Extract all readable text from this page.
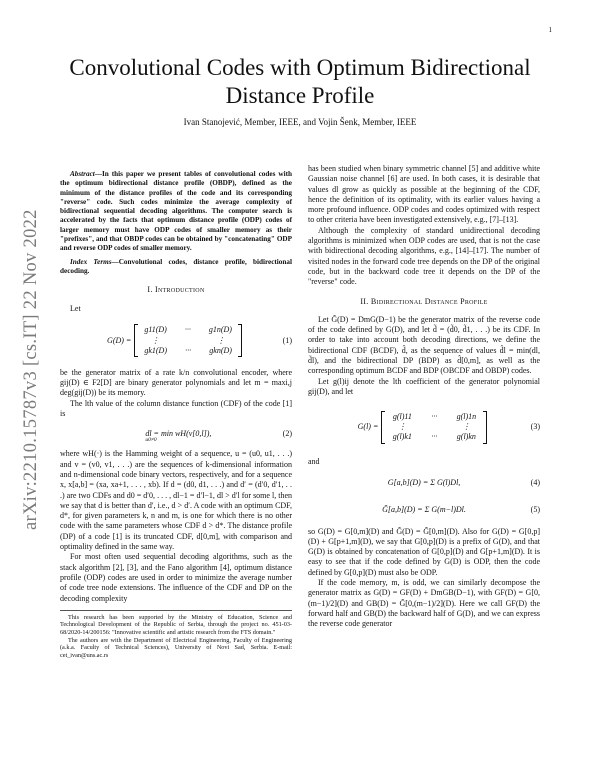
1
arXiv:2210.15787v3 [cs.IT] 22 Nov 2022
Convolutional Codes with Optimum Bidirectional Distance Profile
Ivan Stanojević, Member, IEEE, and Vojin Šenk, Member, IEEE

Abstract—In this paper we present tables of convolutional codes with the optimum bidirectional distance profile (OBDP), defined as the minimum of the distance profiles of the code and its corresponding "reverse" code. Such codes minimize the average complexity of bidirectional sequential decoding algorithms. The computer search is accelerated by the facts that optimum distance profile (ODP) codes of larger memory must have ODP codes of smaller memory as their "prefixes", and that OBDP codes can be obtained by "concatenating" ODP and reverse ODP codes of smaller memory.

Index Terms—Convolutional codes, distance profile, bidirectional decoding.

I. Introduction

Let

G(D) =
g11(D)	···	g1n(D)
⋮	⋮
gk1(D)	···	gkn(D)
(1)

be the generator matrix of a rate k/n convolutional encoder, where gij(D) ∈ F2[D] are binary generator polynomials and let m = maxi,j deg(gij(D)) be its memory.

The lth value of the column distance function (CDF) of the code [1] is

dl = min wH(v[0,l]),
u0≠0
(2)

where wH(·) is the Hamming weight of a sequence, u = (u0, u1, . . .) and v = (v0, v1, . . .) are the sequences of k-dimensional information and n-dimensional code binary vectors, respectively, and for a sequence x, x[a,b] = (xa, xa+1, . . . , xb). If d = (d0, d1, . . .) and d′ = (d′0, d′1, . . .) are two CDFs and d0 = d′0, . . . , dl−1 = d′l−1, dl > d′l for some l, then we say that d is better than d′, i.e., d > d′. A code with an optimum CDF, d*, for given parameters k, n and m, is one for which there is no other code with the same parameters whose CDF d > d*. The distance profile (DP) of a code [1] is its truncated CDF, d[0,m], with comparison and optimality defined in the same way.

For most often used sequential decoding algorithms, such as the stack algorithm [2], [3], and the Fano algorithm [4], optimum distance profile (ODP) codes are used in order to minimize the average number of code tree node extensions. The influence of the CDF and DP on the decoding complexity

This research has been supported by the Ministry of Education, Science and Technological Development of the Republic of Serbia, through the project no. 451-03-68/2020-14/200156: "Innovative scientific and artistic research from the FTS domain."

The authors are with the Department of Electrical Engineering, Faculty of Engineering (a.k.a. Faculty of Technical Sciences), University of Novi Sad, Serbia. E-mail: cet_ivan@uns.ac.rs

has been studied when binary symmetric channel [5] and additive white Gaussian noise channel [6] are used. In both cases, it is desirable that values dl grow as quickly as possible at the beginning of the CDF, hence the definition of its optimality, with its earlier values having a more profound influence. ODP codes and codes optimized with respect to other criteria have been investigated extensively, e.g., [7]–[13].

Although the complexity of standard unidirectional decoding algorithms is minimized when ODP codes are used, that is not the case with bidirectional decoding algorithms, e.g., [14]–[17]. The number of visited nodes in the forward code tree depends on the DP of the original code, but in the backward code tree it depends on the DP of the "reverse" code.

II. Bidirectional Distance Profile

Let G̃(D) = DmG(D−1) be the generator matrix of the reverse code of the code defined by G(D), and let d̃ = (d̃0, d̃1, . . .) be its CDF. In order to take into account both decoding directions, we define the bidirectional CDF (BCDF), d̂, as the sequence of values d̂l = min(dl, d̃l), and the bidirectional DP (BDP) as d̂[0,m], as well as the corresponding optimum BCDF and BDP (OBCDF and OBDP) codes.

Let g(l)ij denote the lth coefficient of the generator polynomial gij(D), and let

G(l) =
g(l)11	···	g(l)1n
⋮	⋮
g(l)k1	···	g(l)kn
(3)

and

G[a,b](D) = Σ G(l)Dl,	(4)
G̃[a,b](D) = Σ G(m−l)Dl.	(5)

so G(D) = G[0,m](D) and G̃(D) = G̃[0,m](D). Also for G(D) = G[0,p](D) + G[p+1,m](D), we say that G[0,p](D) is a prefix of G(D), and that G(D) is obtained by concatenation of G[0,p](D) and G[p+1,m](D). It is easy to see that if the code defined by G(D) is ODP, then the code defined by G[0,p](D) must also be ODP.

If the code memory, m, is odd, we can similarly decompose the generator matrix as G(D) = GF(D) + DmGB(D−1), with GF(D) = G[0,(m−1)/2](D) and GB(D) = G̃[0,(m−1)/2](D). Here we call GF(D) the forward half and GB(D) the backward half of G(D), and we can express the reverse code generator
